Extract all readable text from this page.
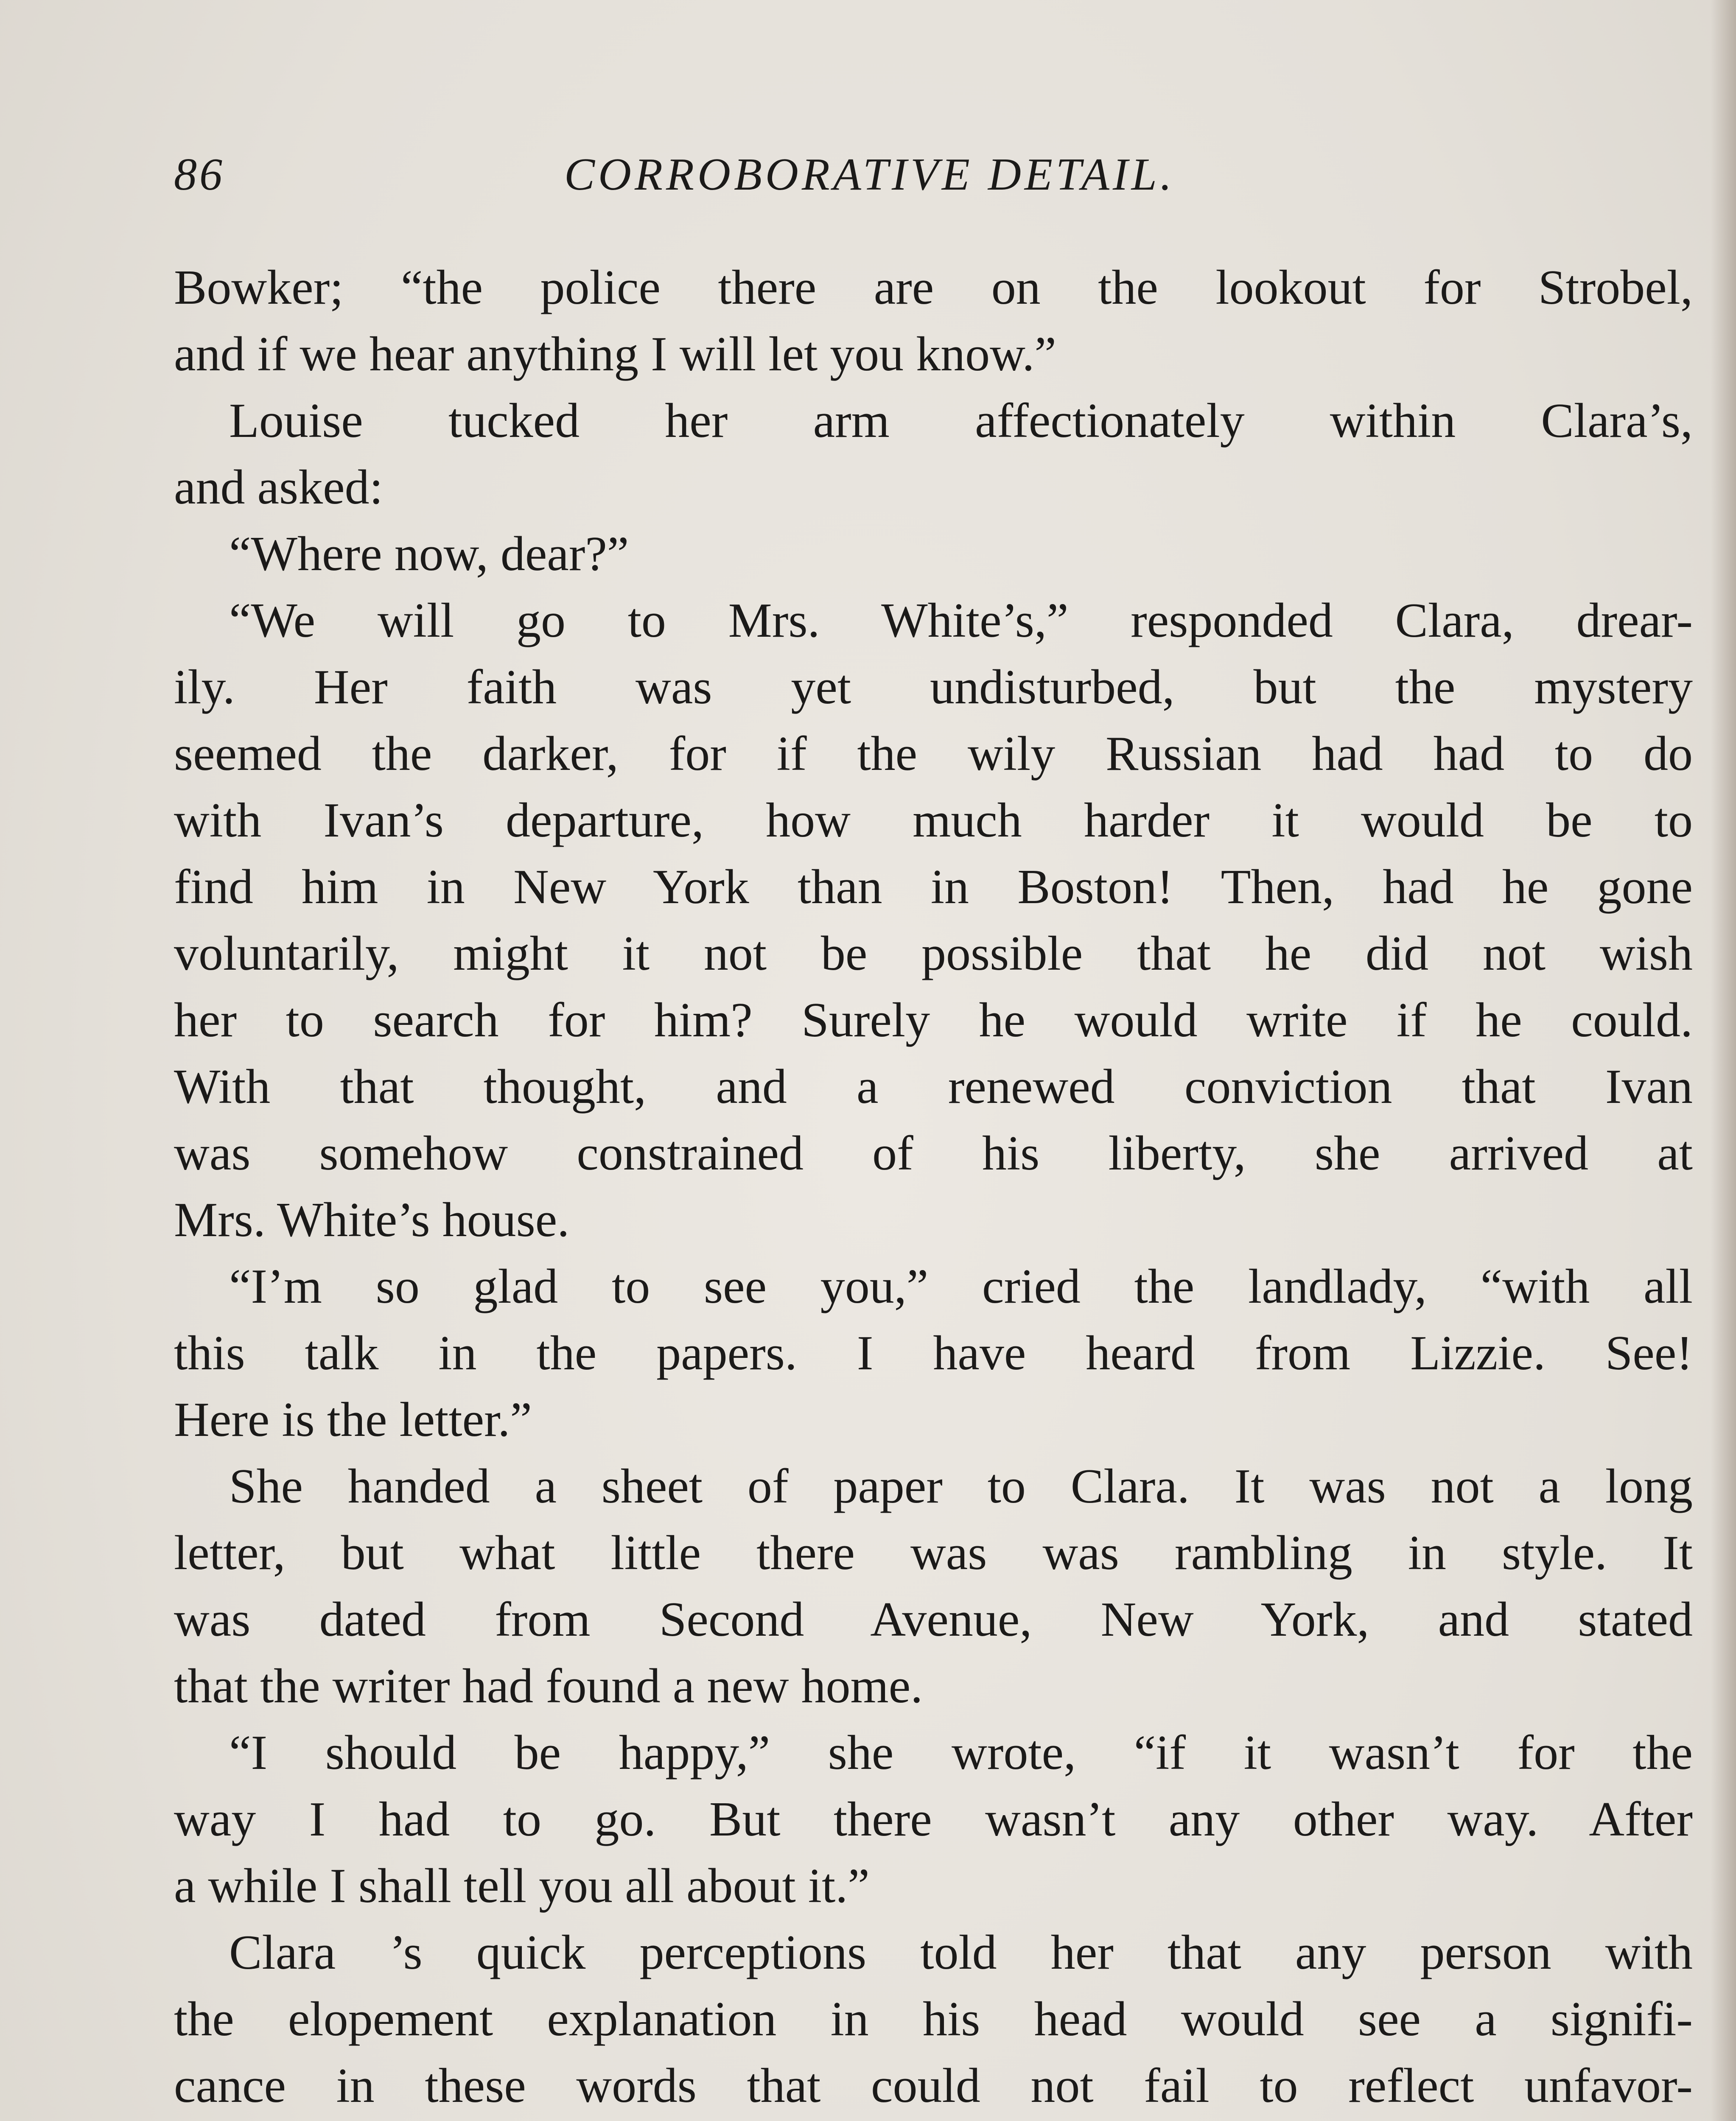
86	CORROBORATIVE DETAIL.
Bowker; “the police there are on the lookout for Strobel,
and if we hear anything I will let you know.”
Louise tucked her arm affectionately within Clara’s,
and asked:
“Where now, dear?”
“We will go to Mrs. White’s,” responded Clara, drear-
ily. Her faith was yet undisturbed, but the mystery
seemed the darker, for if the wily Russian had had to do
with Ivan’s departure, how much harder it would be to
find him in New York than in Boston! Then, had he gone
voluntarily, might it not be possible that he did not wish
her to search for him? Surely he would write if he could.
With that thought, and a renewed conviction that Ivan
was somehow constrained of his liberty, she arrived at
Mrs. White’s house.
“I’m so glad to see you,” cried the landlady, “with all
this talk in the papers. I have heard from Lizzie. See!
Here is the letter.”
She handed a sheet of paper to Clara. It was not a long
letter, but what little there was was rambling in style. It
was dated from Second Avenue, New York, and stated
that the writer had found a new home.
“I should be happy,” she wrote, “if it wasn’t for the
way I had to go. But there wasn’t any other way. After
a while I shall tell you all about it.”
Clara ’s quick perceptions told her that any person with
the elopement explanation in his head would see a signifi-
cance in these words that could not fail to reflect unfavor-
